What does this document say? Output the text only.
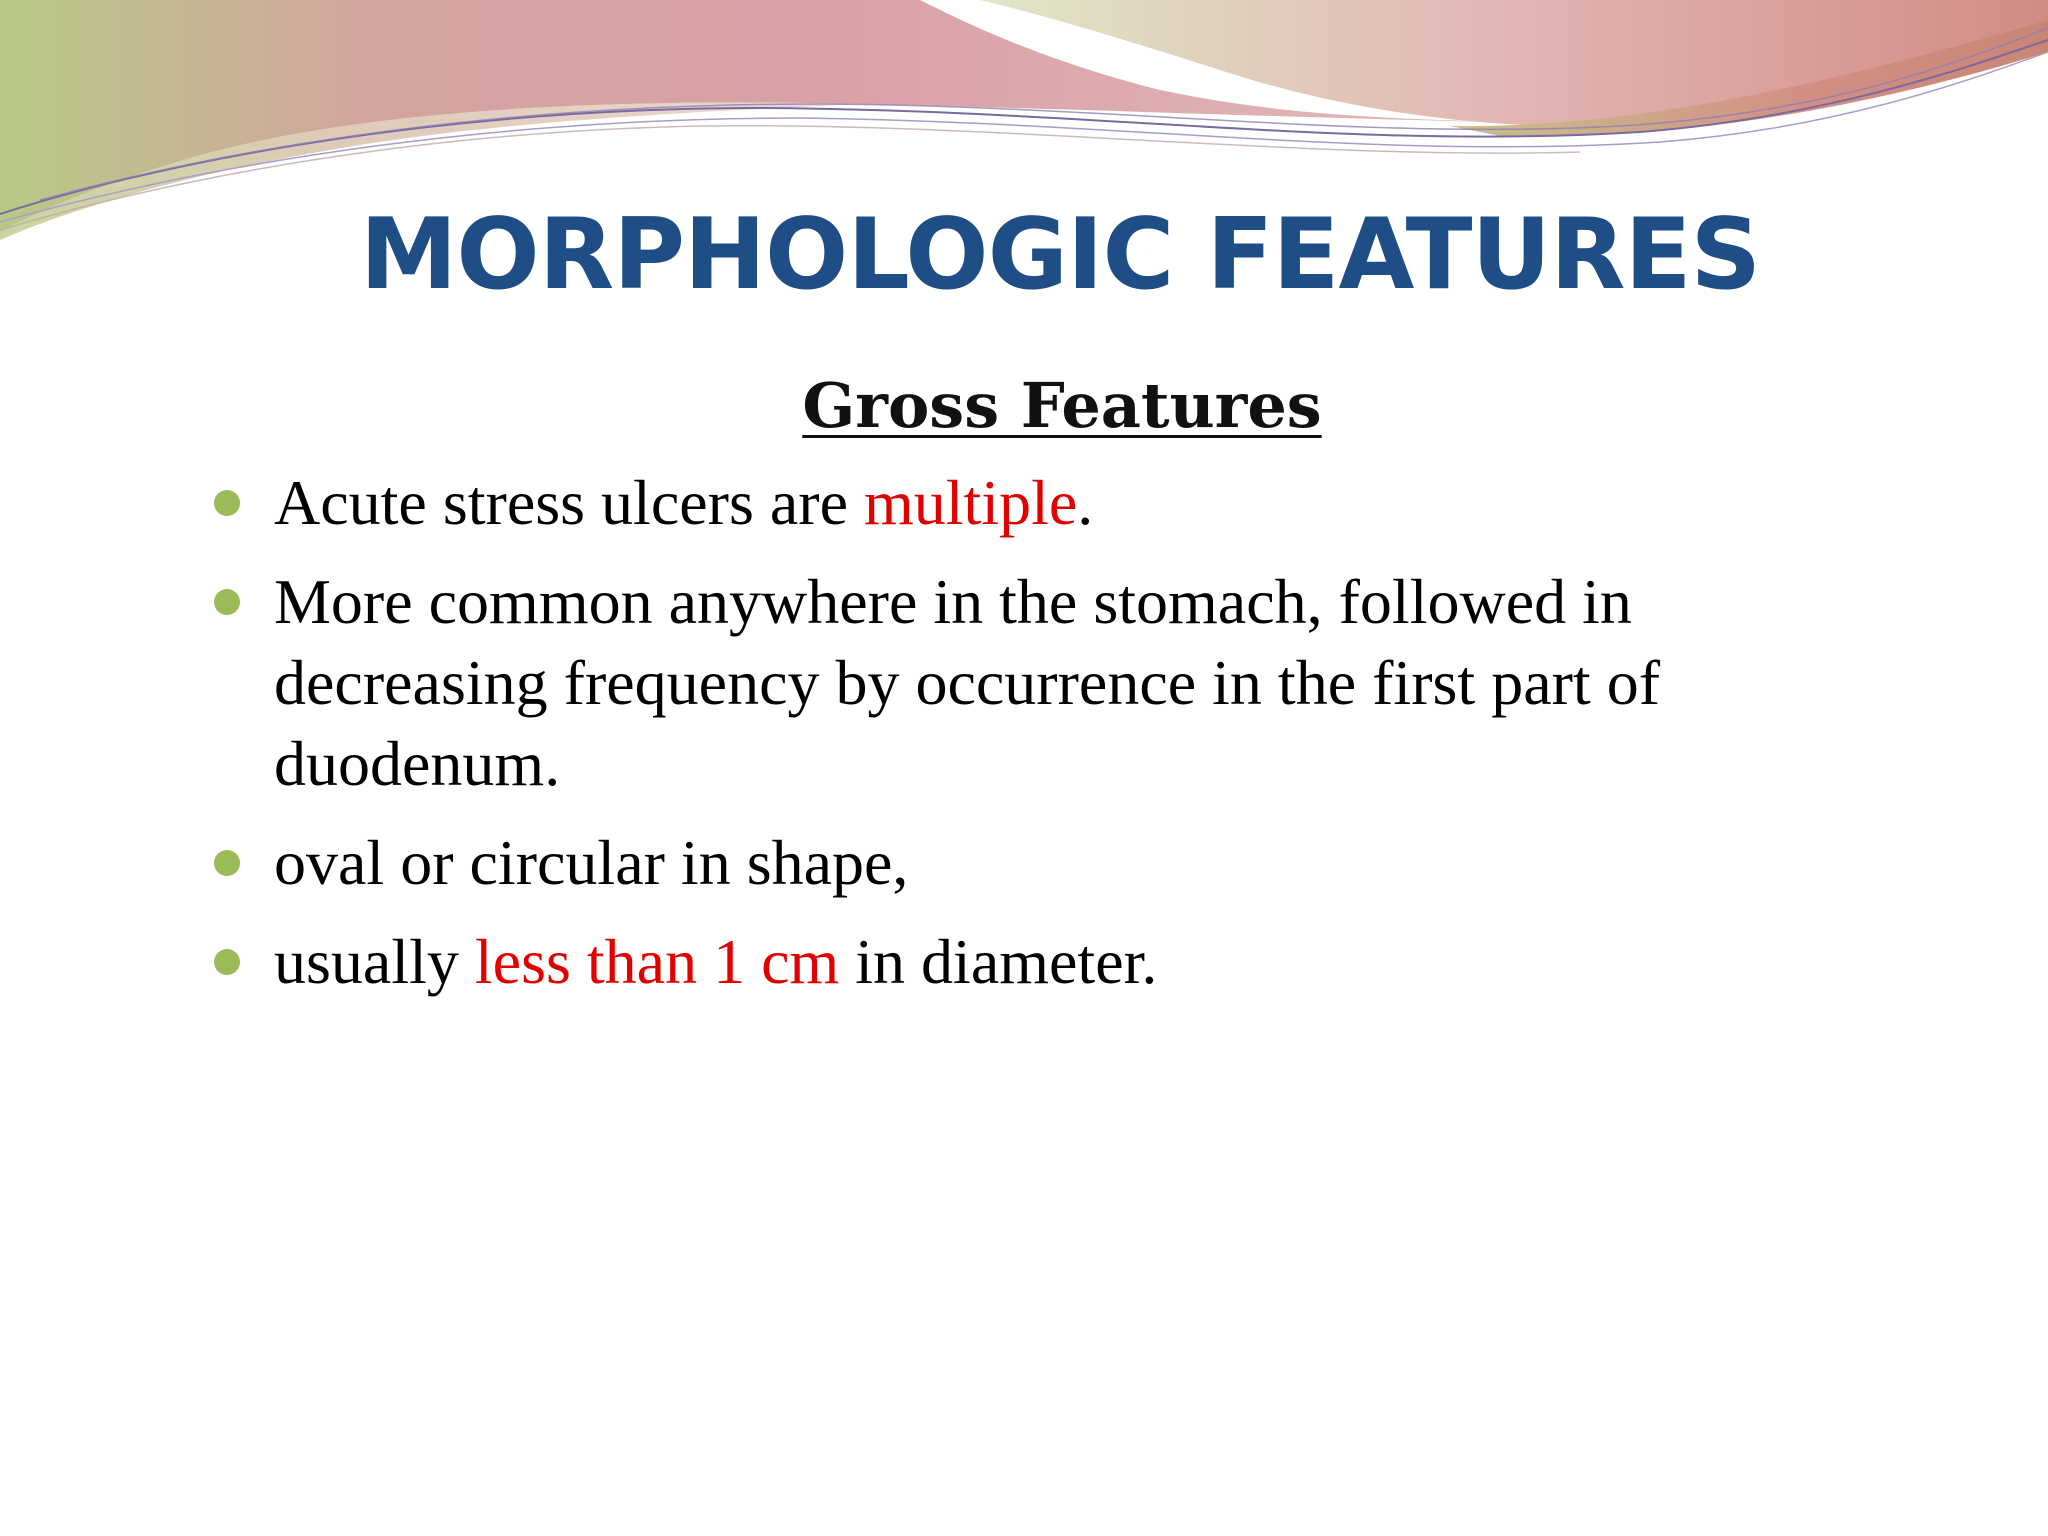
MORPHOLOGIC FEATURES
Gross Features
Acute stress ulcers are multiple.
More common anywhere in the stomach, followed in decreasing frequency by occurrence in the first part of duodenum.
oval or circular in shape,
usually less than 1 cm in diameter.
